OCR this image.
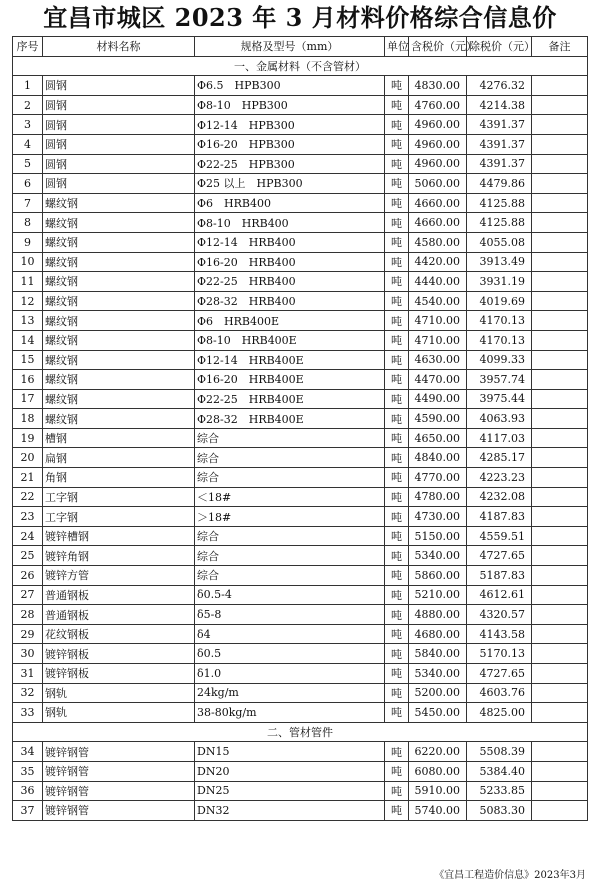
宜昌市城区 2023 年 3 月材料价格综合信息价
序号	材料名称	规格及型号（mm）	单位	含税价（元）	除税价（元）	备注
一、金属材料（不含管材）						
1	圆钢	Φ6.5　HPB300	吨	4830.00	4276.32	
2	圆钢	Φ8-10　HPB300	吨	4760.00	4214.38	
3	圆钢	Φ12-14　HPB300	吨	4960.00	4391.37	
4	圆钢	Φ16-20　HPB300	吨	4960.00	4391.37	
5	圆钢	Φ22-25　HPB300	吨	4960.00	4391.37	
6	圆钢	Φ25 以上　HPB300	吨	5060.00	4479.86	
7	螺纹钢	Φ6　HRB400	吨	4660.00	4125.88	
8	螺纹钢	Φ8-10　HRB400	吨	4660.00	4125.88	
9	螺纹钢	Φ12-14　HRB400	吨	4580.00	4055.08	
10	螺纹钢	Φ16-20　HRB400	吨	4420.00	3913.49	
11	螺纹钢	Φ22-25　HRB400	吨	4440.00	3931.19	
12	螺纹钢	Φ28-32　HRB400	吨	4540.00	4019.69	
13	螺纹钢	Φ6　HRB400E	吨	4710.00	4170.13	
14	螺纹钢	Φ8-10　HRB400E	吨	4710.00	4170.13	
15	螺纹钢	Φ12-14　HRB400E	吨	4630.00	4099.33	
16	螺纹钢	Φ16-20　HRB400E	吨	4470.00	3957.74	
17	螺纹钢	Φ22-25　HRB400E	吨	4490.00	3975.44	
18	螺纹钢	Φ28-32　HRB400E	吨	4590.00	4063.93	
19	槽钢	综合	吨	4650.00	4117.03	
20	扁钢	综合	吨	4840.00	4285.17	
21	角钢	综合	吨	4770.00	4223.23	
22	工字钢	＜18#	吨	4780.00	4232.08	
23	工字钢	＞18#	吨	4730.00	4187.83	
24	镀锌槽钢	综合	吨	5150.00	4559.51	
25	镀锌角钢	综合	吨	5340.00	4727.65	
26	镀锌方管	综合	吨	5860.00	5187.83	
27	普通钢板	δ0.5-4	吨	5210.00	4612.61	
28	普通钢板	δ5-8	吨	4880.00	4320.57	
29	花纹钢板	δ4	吨	4680.00	4143.58	
30	镀锌钢板	δ0.5	吨	5840.00	5170.13	
31	镀锌钢板	δ1.0	吨	5340.00	4727.65	
32	钢轨	24kg/m	吨	5200.00	4603.76	
33	钢轨	38-80kg/m	吨	5450.00	4825.00	
二、管材管件						
34	镀锌钢管	DN15	吨	6220.00	5508.39	
35	镀锌钢管	DN20	吨	6080.00	5384.40	
36	镀锌钢管	DN25	吨	5910.00	5233.85	
37	镀锌钢管	DN32	吨	5740.00	5083.30	
《宜昌工程造价信息》2023年3月
